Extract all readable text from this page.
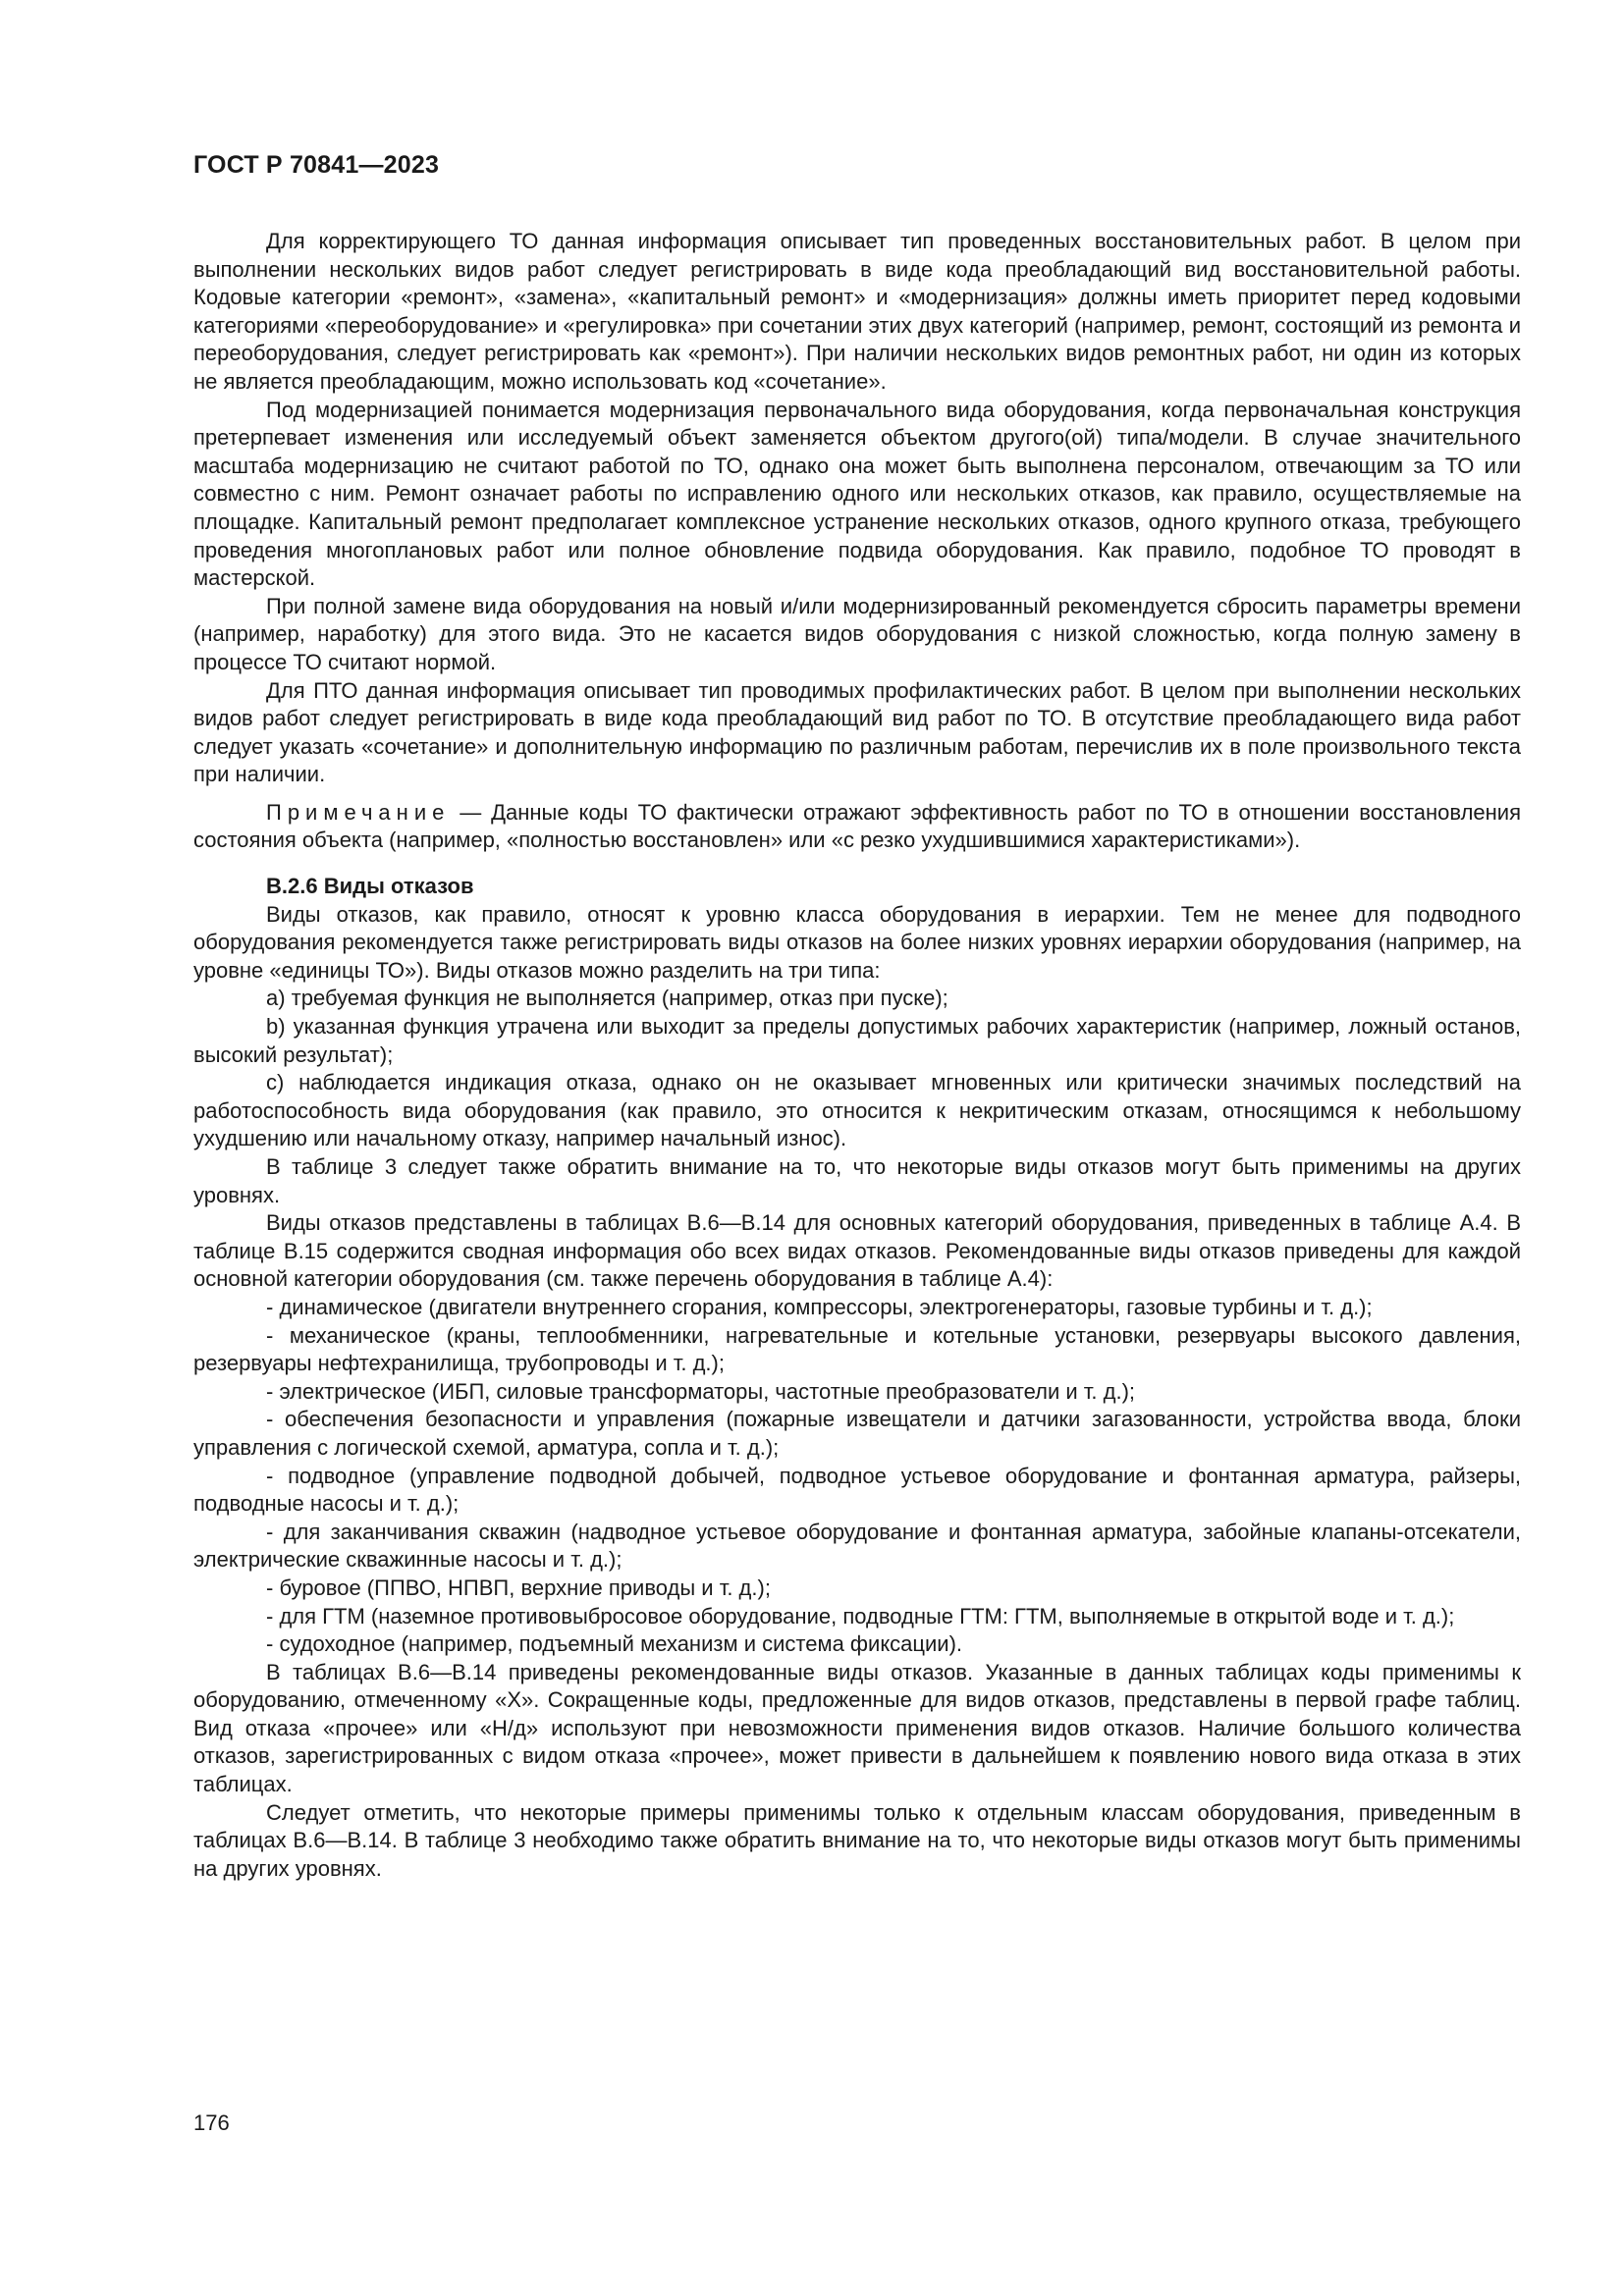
ГОСТ Р 70841—2023

Для корректирующего ТО данная информация описывает тип проведенных восстановительных работ. В целом при выполнении нескольких видов работ следует регистрировать в виде кода преобладающий вид восстановительной работы. Кодовые категории «ремонт», «замена», «капитальный ремонт» и «модернизация» должны иметь приоритет перед кодовыми категориями «переоборудование» и «регулировка» при сочетании этих двух категорий (например, ремонт, состоящий из ремонта и переоборудования, следует регистрировать как «ремонт»). При наличии нескольких видов ремонтных работ, ни один из которых не является преобладающим, можно использовать код «сочетание».

Под модернизацией понимается модернизация первоначального вида оборудования, когда первоначальная конструкция претерпевает изменения или исследуемый объект заменяется объектом другого(ой) типа/модели. В случае значительного масштаба модернизацию не считают работой по ТО, однако она может быть выполнена персоналом, отвечающим за ТО или совместно с ним. Ремонт означает работы по исправлению одного или нескольких отказов, как правило, осуществляемые на площадке. Капитальный ремонт предполагает комплексное устранение нескольких отказов, одного крупного отказа, требующего проведения многоплановых работ или полное обновление подвида оборудования. Как правило, подобное ТО проводят в мастерской.

При полной замене вида оборудования на новый и/или модернизированный рекомендуется сбросить параметры времени (например, наработку) для этого вида. Это не касается видов оборудования с низкой сложностью, когда полную замену в процессе ТО считают нормой.

Для ПТО данная информация описывает тип проводимых профилактических работ. В целом при выполнении нескольких видов работ следует регистрировать в виде кода преобладающий вид работ по ТО. В отсутствие преобладающего вида работ следует указать «сочетание» и дополнительную информацию по различным работам, перечислив их в поле произвольного текста при наличии.

Примечание — Данные коды ТО фактически отражают эффективность работ по ТО в отношении восстановления состояния объекта (например, «полностью восстановлен» или «с резко ухудшившимися характеристиками»).

В.2.6 Виды отказов

Виды отказов, как правило, относят к уровню класса оборудования в иерархии. Тем не менее для подводного оборудования рекомендуется также регистрировать виды отказов на более низких уровнях иерархии оборудования (например, на уровне «единицы ТО»). Виды отказов можно разделить на три типа:

a) требуемая функция не выполняется (например, отказ при пуске);

b) указанная функция утрачена или выходит за пределы допустимых рабочих характеристик (например, ложный останов, высокий результат);

c) наблюдается индикация отказа, однако он не оказывает мгновенных или критически значимых последствий на работоспособность вида оборудования (как правило, это относится к некритическим отказам, относящимся к небольшому ухудшению или начальному отказу, например начальный износ).

В таблице 3 следует также обратить внимание на то, что некоторые виды отказов могут быть применимы на других уровнях.

Виды отказов представлены в таблицах В.6—В.14 для основных категорий оборудования, приведенных в таблице А.4. В таблице В.15 содержится сводная информация обо всех видах отказов. Рекомендованные виды отказов приведены для каждой основной категории оборудования (см. также перечень оборудования в таблице А.4):

- динамическое (двигатели внутреннего сгорания, компрессоры, электрогенераторы, газовые турбины и т. д.);

- механическое (краны, теплообменники, нагревательные и котельные установки, резервуары высокого давления, резервуары нефтехранилища, трубопроводы и т. д.);

- электрическое (ИБП, силовые трансформаторы, частотные преобразователи и т. д.);

- обеспечения безопасности и управления (пожарные извещатели и датчики загазованности, устройства ввода, блоки управления с логической схемой, арматура, сопла и т. д.);

- подводное (управление подводной добычей, подводное устьевое оборудование и фонтанная арматура, райзеры, подводные насосы и т. д.);

- для заканчивания скважин (надводное устьевое оборудование и фонтанная арматура, забойные клапаны-отсекатели, электрические скважинные насосы и т. д.);

- буровое (ППВО, НПВП, верхние приводы и т. д.);

- для ГТМ (наземное противовыбросовое оборудование, подводные ГТМ: ГТМ, выполняемые в открытой воде и т. д.);

- судоходное (например, подъемный механизм и система фиксации).

В таблицах В.6—В.14 приведены рекомендованные виды отказов. Указанные в данных таблицах коды применимы к оборудованию, отмеченному «X». Сокращенные коды, предложенные для видов отказов, представлены в первой графе таблиц. Вид отказа «прочее» или «Н/д» используют при невозможности применения видов отказов. Наличие большого количества отказов, зарегистрированных с видом отказа «прочее», может привести в дальнейшем к появлению нового вида отказа в этих таблицах.

Следует отметить, что некоторые примеры применимы только к отдельным классам оборудования, приведенным в таблицах В.6—В.14. В таблице 3 необходимо также обратить внимание на то, что некоторые виды отказов могут быть применимы на других уровнях.

176
